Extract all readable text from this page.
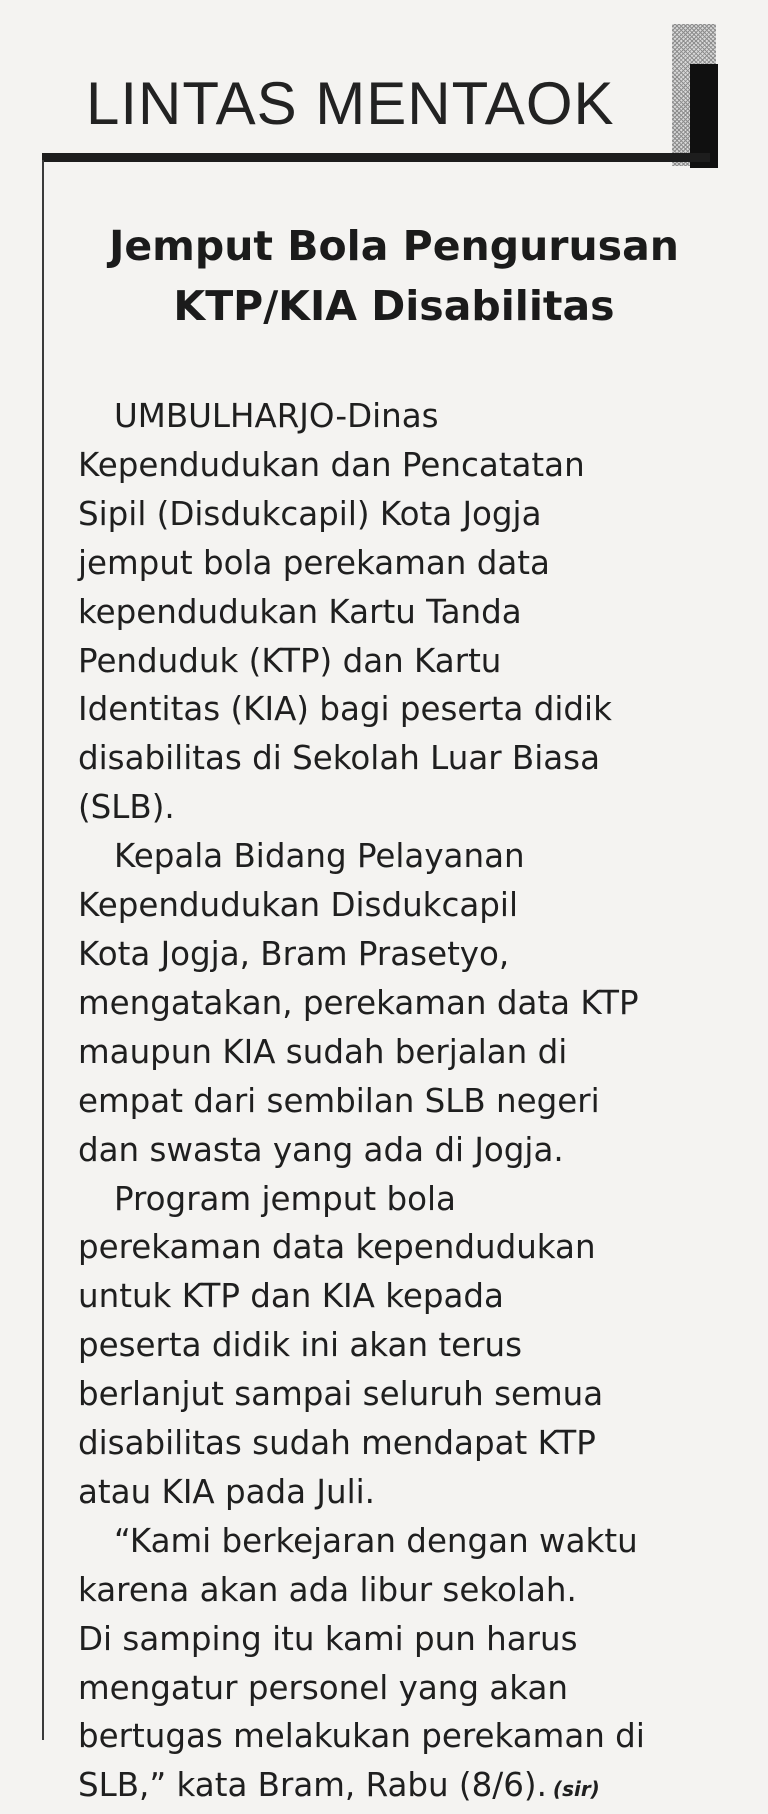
LINTAS MENTAOK
Jemput Bola Pengurusan
KTP/KIA Disabilitas
UMBULHARJO-Dinas
Kependudukan dan Pencatatan
Sipil (Disdukcapil) Kota Jogja
jemput bola perekaman data
kependudukan Kartu Tanda
Penduduk (KTP) dan Kartu
Identitas (KIA) bagi peserta didik
disabilitas di Sekolah Luar Biasa
(SLB).
Kepala Bidang Pelayanan
Kependudukan Disdukcapil
Kota Jogja, Bram Prasetyo,
mengatakan, perekaman data KTP
maupun KIA sudah berjalan di
empat dari sembilan SLB negeri
dan swasta yang ada di Jogja.
Program jemput bola
perekaman data kependudukan
untuk KTP dan KIA kepada
peserta didik ini akan terus
berlanjut sampai seluruh semua
disabilitas sudah mendapat KTP
atau KIA pada Juli.
“Kami berkejaran dengan waktu
karena akan ada libur sekolah.
Di samping itu kami pun harus
mengatur personel yang akan
bertugas melakukan perekaman di
SLB,” kata Bram, Rabu (8/6). (sir)
